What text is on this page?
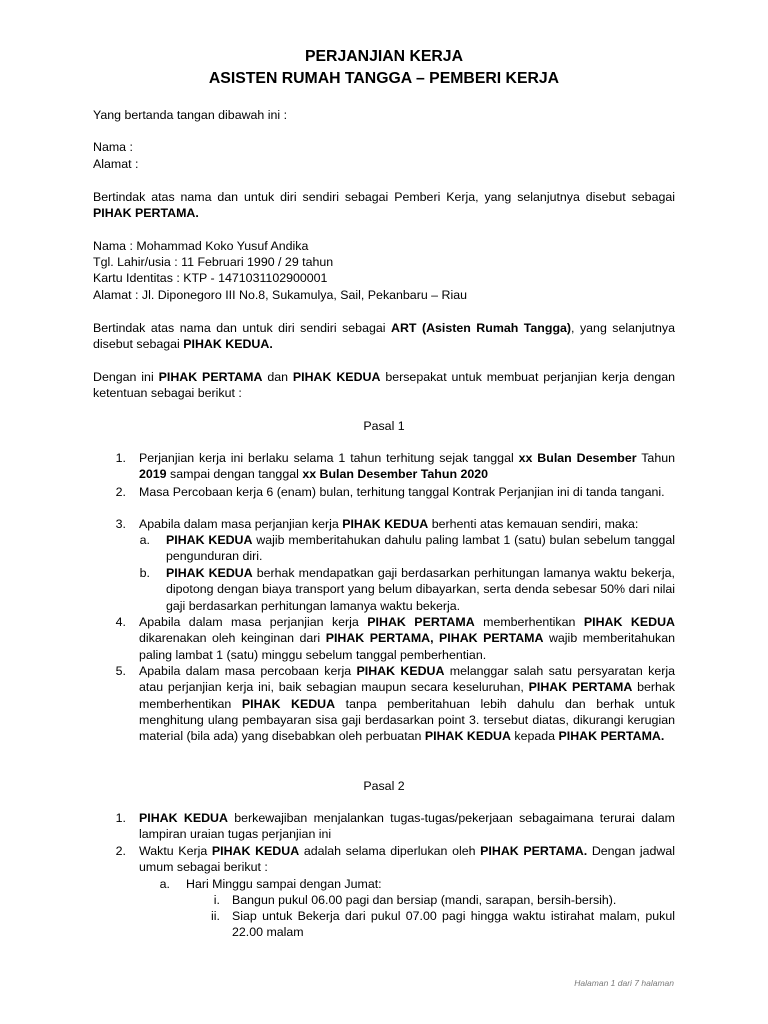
PERJANJIAN KERJA
ASISTEN RUMAH TANGGA – PEMBERI KERJA
Yang bertanda tangan dibawah ini :
Nama :
Alamat :
Bertindak atas nama dan untuk diri sendiri sebagai Pemberi Kerja, yang selanjutnya disebut sebagai PIHAK PERTAMA.
Nama : Mohammad Koko Yusuf Andika
Tgl. Lahir/usia : 11 Februari 1990 / 29 tahun
Kartu Identitas : KTP - 1471031102900001
Alamat : Jl. Diponegoro III No.8, Sukamulya, Sail, Pekanbaru – Riau
Bertindak atas nama dan untuk diri sendiri sebagai ART (Asisten Rumah Tangga), yang selanjutnya disebut sebagai PIHAK KEDUA.
Dengan ini PIHAK PERTAMA dan PIHAK KEDUA bersepakat untuk membuat perjanjian kerja dengan ketentuan sebagai berikut :
Pasal 1
1. Perjanjian kerja ini berlaku selama 1 tahun terhitung sejak tanggal xx Bulan Desember Tahun 2019 sampai dengan tanggal xx Bulan Desember Tahun 2020
2. Masa Percobaan kerja 6 (enam) bulan, terhitung tanggal Kontrak Perjanjian ini di tanda tangani.
3. Apabila dalam masa perjanjian kerja PIHAK KEDUA berhenti atas kemauan sendiri, maka:
a. PIHAK KEDUA wajib memberitahukan dahulu paling lambat 1 (satu) bulan sebelum tanggal pengunduran diri.
b. PIHAK KEDUA berhak mendapatkan gaji berdasarkan perhitungan lamanya waktu bekerja, dipotong dengan biaya transport yang belum dibayarkan, serta denda sebesar 50% dari nilai gaji berdasarkan perhitungan lamanya waktu bekerja.
4. Apabila dalam masa perjanjian kerja PIHAK PERTAMA memberhentikan PIHAK KEDUA dikarenakan oleh keinginan dari PIHAK PERTAMA, PIHAK PERTAMA wajib memberitahukan paling lambat 1 (satu) minggu sebelum tanggal pemberhentian.
5. Apabila dalam masa percobaan kerja PIHAK KEDUA melanggar salah satu persyaratan kerja atau perjanjian kerja ini, baik sebagian maupun secara keseluruhan, PIHAK PERTAMA berhak memberhentikan PIHAK KEDUA tanpa pemberitahuan lebih dahulu dan berhak untuk menghitung ulang pembayaran sisa gaji berdasarkan point 3. tersebut diatas, dikurangi kerugian material (bila ada) yang disebabkan oleh perbuatan PIHAK KEDUA kepada PIHAK PERTAMA.
Pasal 2
1. PIHAK KEDUA berkewajiban menjalankan tugas-tugas/pekerjaan sebagaimana terurai dalam lampiran uraian tugas perjanjian ini
2. Waktu Kerja PIHAK KEDUA adalah selama diperlukan oleh PIHAK PERTAMA. Dengan jadwal umum sebagai berikut :
a. Hari Minggu sampai dengan Jumat:
i. Bangun pukul 06.00 pagi dan bersiap (mandi, sarapan, bersih-bersih).
ii. Siap untuk Bekerja dari pukul 07.00 pagi hingga waktu istirahat malam, pukul 22.00 malam
Halaman 1 dari 7 halaman
